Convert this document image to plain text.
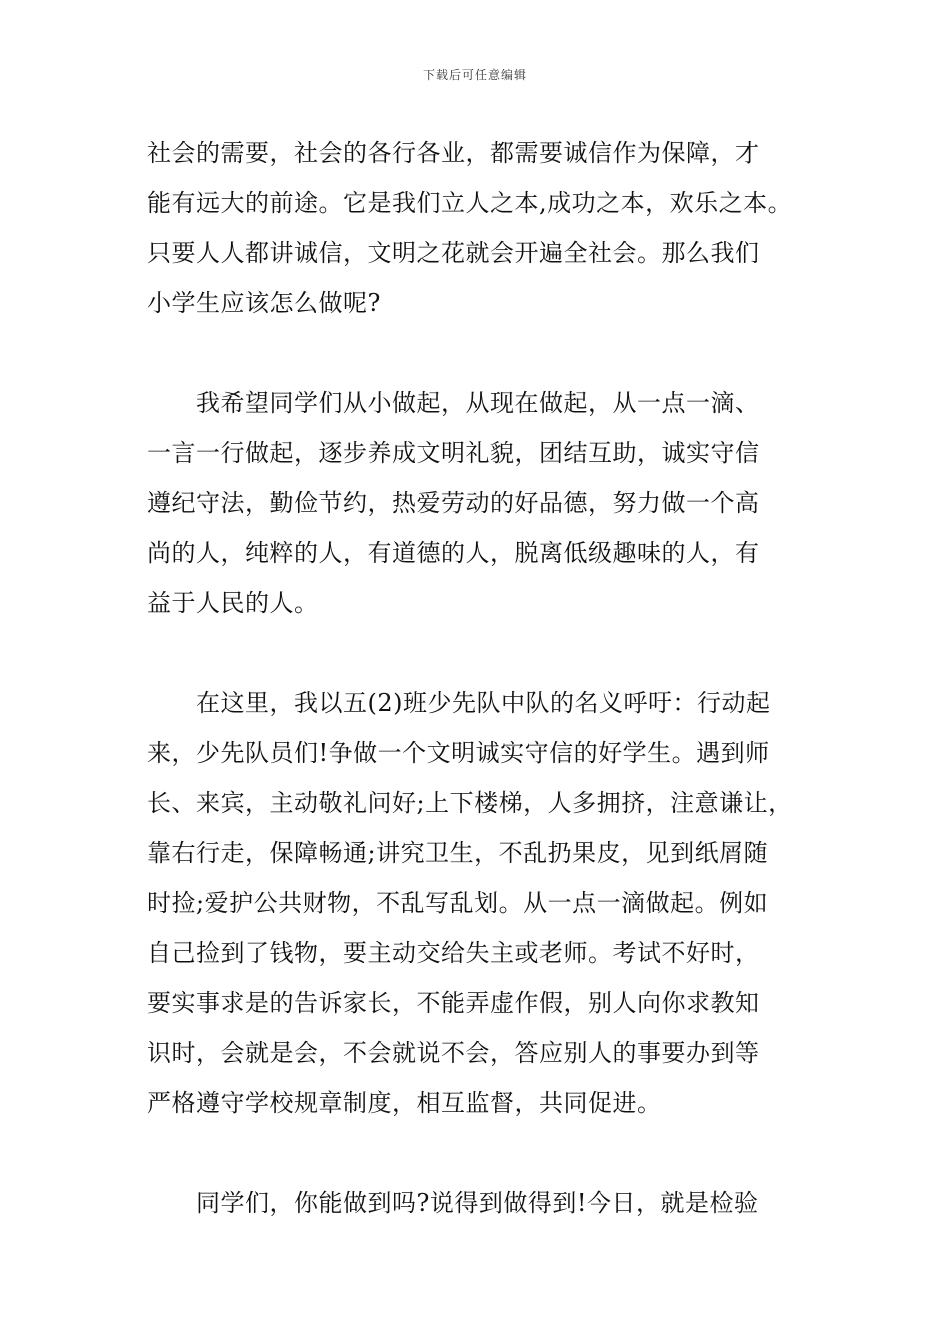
下载后可任意编辑
社会的需要，社会的各行各业，都需要诚信作为保障，才
能有远大的前途。它是我们立人之本,成功之本，欢乐之本。
只要人人都讲诚信，文明之花就会开遍全社会。那么我们
小学生应该怎么做呢?
　　我希望同学们从小做起，从现在做起，从一点一滴、
一言一行做起，逐步养成文明礼貌，团结互助，诚实守信
遵纪守法，勤俭节约，热爱劳动的好品德，努力做一个高
尚的人，纯粹的人，有道德的人，脱离低级趣味的人，有
益于人民的人。
　　在这里，我以五(2)班少先队中队的名义呼吁：行动起
来，少先队员们!争做一个文明诚实守信的好学生。遇到师
长、来宾，主动敬礼问好;上下楼梯，人多拥挤，注意谦让，
靠右行走，保障畅通;讲究卫生，不乱扔果皮，见到纸屑随
时捡;爱护公共财物，不乱写乱划。从一点一滴做起。例如
自己捡到了钱物，要主动交给失主或老师。考试不好时，
要实事求是的告诉家长，不能弄虚作假，别人向你求教知
识时，会就是会，不会就说不会，答应别人的事要办到等
严格遵守学校规章制度，相互监督，共同促进。
　　同学们，你能做到吗?说得到做得到!今日，就是检验
